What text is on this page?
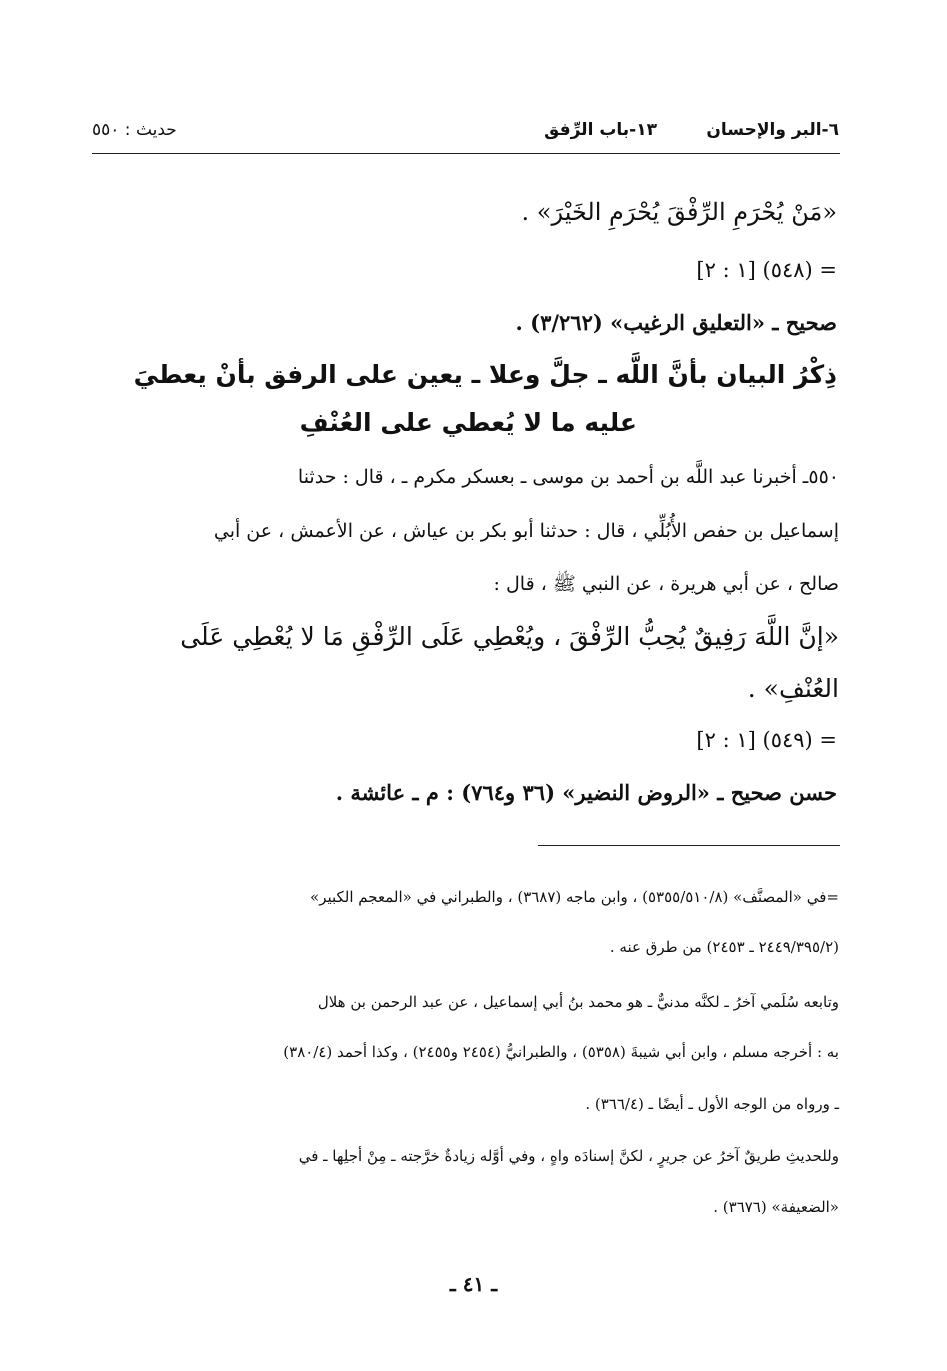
٦-البر والإحسان
١٣-باب الرِّفق
حديث : ٥٥٠
«مَنْ يُحْرَمِ الرِّفْقَ يُحْرَمِ الخَيْرَ» .
= (٥٤٨) [١ : ٢]
صحيح ـ «التعليق الرغيب» (٣/٢٦٢) .
ذِكْرُ البيان بأنَّ اللَّه ـ جلَّ وعلا ـ يعين على الرفق بأنْ يعطيَ
عليه ما لا يُعطي على العُنْفِ
٥٥٠ـ أخبرنا عبد اللَّه بن أحمد بن موسى ـ بعسكر مكرم ـ ، قال : حدثنا
إسماعيل بن حفص الأُبُلِّي ، قال : حدثنا أبو بكر بن عياش ، عن الأعمش ، عن أبي
صالح ، عن أبي هريرة ، عن النبي ﷺ ، قال :
«إنَّ اللَّهَ رَفِيقٌ يُحِبُّ الرِّفْقَ ، ويُعْطِي عَلَى الرِّفْقِ مَا لا يُعْطِي عَلَى
العُنْفِ» .
= (٥٤٩) [١ : ٢]
حسن صحيح ـ «الروض النضير» (٣٦ و٧٦٤) : م ـ عائشة .
=في «المصنَّف» (٥٣٥٥/٥١٠/٨) ، وابن ماجه (٣٦٨٧) ، والطبراني في «المعجم الكبير»
(٢٤٤٩/٣٩٥/٢ ـ ٢٤٥٣) من طرق عنه .
وتابعه سُلَمي آخرُ ـ لكنَّه مدنيٌّ ـ هو محمد بنُ أبي إسماعيل ، عن عبد الرحمن بن هلال
به : أخرجه مسلم ، وابن أبي شيبةَ (٥٣٥٨) ، والطبرانيُّ (٢٤٥٤ و٢٤٥٥) ، وكذا أحمد (٣٨٠/٤)
ـ ورواه من الوجه الأول ـ أيضًا ـ (٣٦٦/٤) .
وللحديثِ طريقٌ آخرُ عن جريرٍ ، لكنَّ إسنادَه واهٍ ، وفي أوَّله زيادةٌ خرَّجته ـ مِنْ أجلِها ـ في
«الضعيفة» (٣٦٧٦) .
ـ ٤١ ـ
